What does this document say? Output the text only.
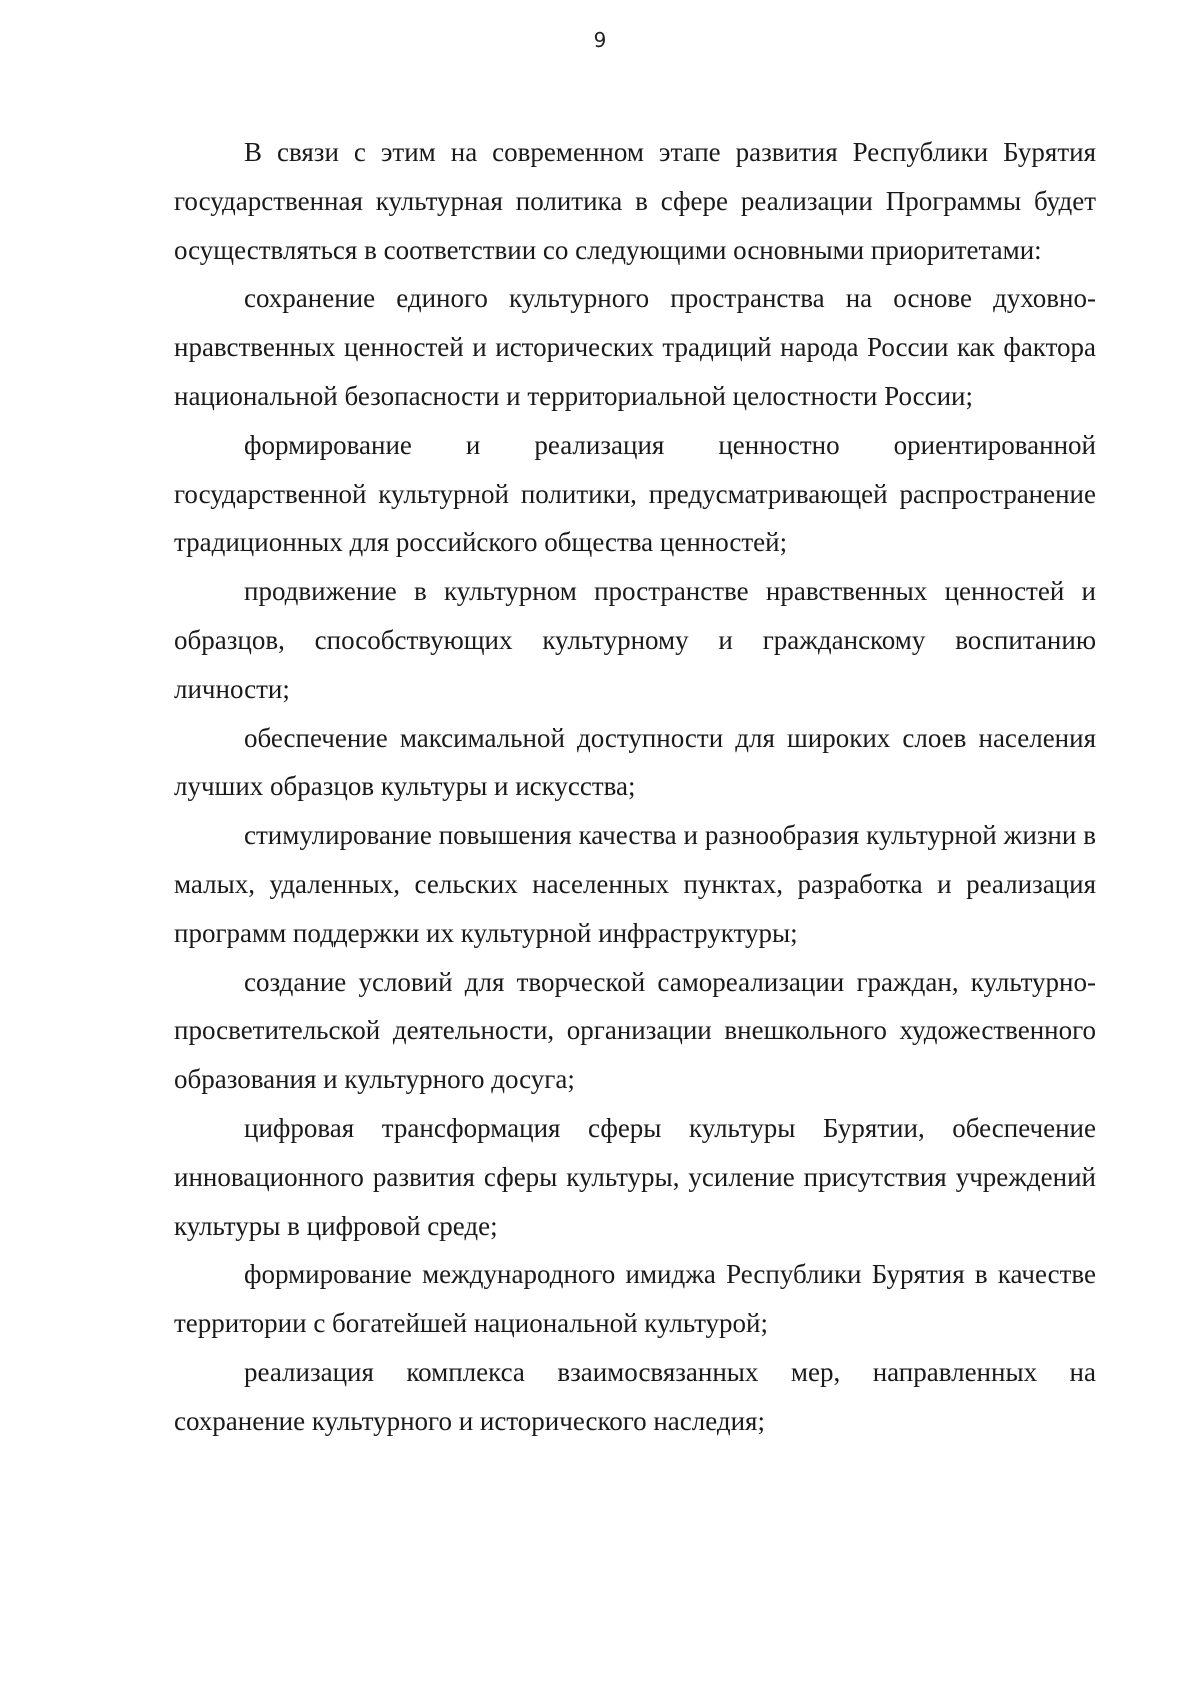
9

В связи с этим на современном этапе развития Республики Бурятия государственная культурная политика в сфере реализации Программы будет осуществляться в соответствии со следующими основными приоритетами:

сохранение единого культурного пространства на основе духовно-нравственных ценностей и исторических традиций народа России как фактора национальной безопасности и территориальной целостности России;

формирование и реализация ценностно ориентированной государственной культурной политики, предусматривающей распространение традиционных для российского общества ценностей;

продвижение в культурном пространстве нравственных ценностей и образцов, способствующих культурному и гражданскому воспитанию личности;

обеспечение максимальной доступности для широких слоев населения лучших образцов культуры и искусства;

стимулирование повышения качества и разнообразия культурной жизни в малых, удаленных, сельских населенных пунктах, разработка и реализация программ поддержки их культурной инфраструктуры;

создание условий для творческой самореализации граждан, культурно-просветительской деятельности, организации внешкольного художественного образования и культурного досуга;

цифровая трансформация сферы культуры Бурятии, обеспечение инновационного развития сферы культуры, усиление присутствия учреждений культуры в цифровой среде;

формирование международного имиджа Республики Бурятия в качестве территории с богатейшей национальной культурой;

реализация комплекса взаимосвязанных мер, направленных на сохранение культурного и исторического наследия;
